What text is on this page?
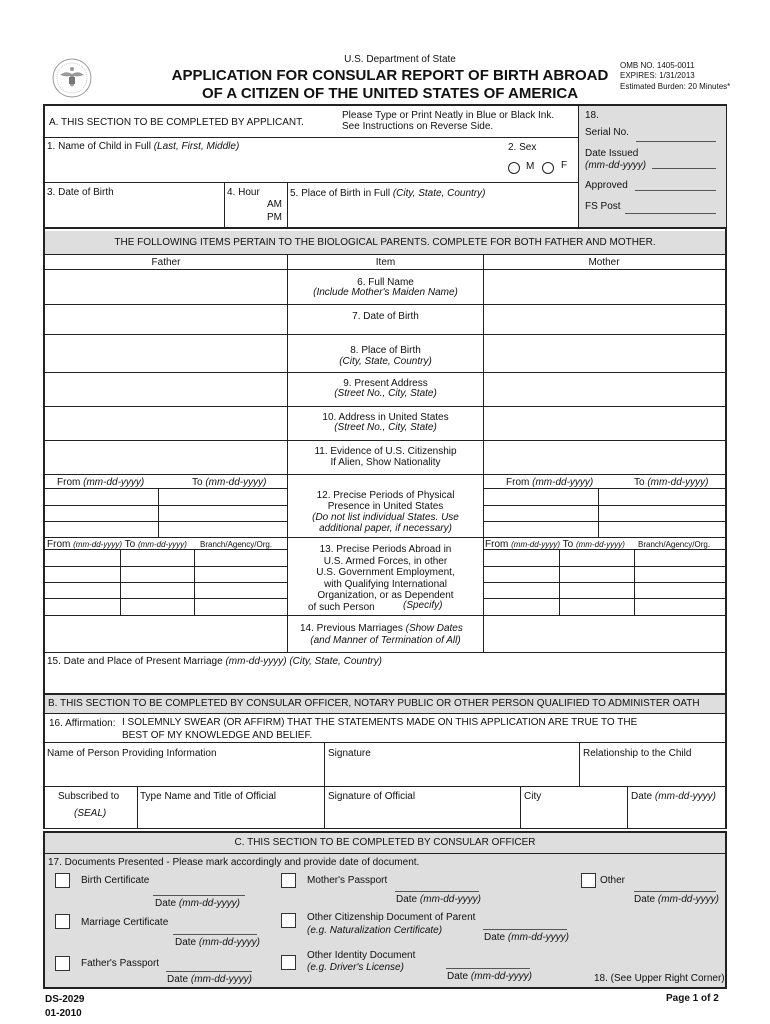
U.S. Department of State
APPLICATION FOR CONSULAR REPORT OF BIRTH ABROAD
OF A CITIZEN OF THE UNITED STATES OF AMERICA
OMB NO. 1405-0011
EXPIRES: 1/31/2013
Estimated Burden: 20 Minutes*
A. THIS SECTION TO BE COMPLETED BY APPLICANT.
Please Type or Print Neatly in Blue or Black Ink.
See Instructions on Reverse Side.
1. Name of Child in Full (Last, First, Middle)	2. Sex
M	F
3. Date of Birth	4. Hour
AM
PM
5. Place of Birth in Full (City, State, Country)
18.
Serial No.
Date Issued
(mm-dd-yyyy)
Approved
FS Post
THE FOLLOWING ITEMS PERTAIN TO THE BIOLOGICAL PARENTS. COMPLETE FOR BOTH FATHER AND MOTHER.
Father	Item	Mother
6. Full Name
(Include Mother's Maiden Name)
7. Date of Birth
8. Place of Birth
(City, State, Country)
9. Present Address
(Street No., City, State)
10. Address in United States
(Street No., City, State)
11. Evidence of U.S. Citizenship
If Alien, Show Nationality
From (mm-dd-yyyy)	To (mm-dd-yyyy)	From (mm-dd-yyyy)	To (mm-dd-yyyy)
12. Precise Periods of Physical
Presence in United States
(Do not list individual States. Use
additional paper, if necessary)
From (mm-dd-yyyy) To (mm-dd-yyyy) Branch/Agency/Org.	From (mm-dd-yyyy) To (mm-dd-yyyy) Branch/Agency/Org.
13. Precise Periods Abroad in
U.S. Armed Forces, in other
U.S. Government Employment,
with Qualifying International
Organization, or as Dependent
of such Person	(Specify)
14. Previous Marriages (Show Dates
(and Manner of Termination of All)
15. Date and Place of Present Marriage (mm-dd-yyyy) (City, State, Country)
B. THIS SECTION TO BE COMPLETED BY CONSULAR OFFICER, NOTARY PUBLIC OR OTHER PERSON QUALIFIED TO ADMINISTER OATH
16. Affirmation: I SOLEMNLY SWEAR (OR AFFIRM) THAT THE STATEMENTS MADE ON THIS APPLICATION ARE TRUE TO THE
BEST OF MY KNOWLEDGE AND BELIEF.
Name of Person Providing Information	Signature	Relationship to the Child
Subscribed to
(SEAL)
Type Name and Title of Official	Signature of Official	City	Date (mm-dd-yyyy)
C. THIS SECTION TO BE COMPLETED BY CONSULAR OFFICER
17. Documents Presented - Please mark accordingly and provide date of document.
Birth Certificate
Date (mm-dd-yyyy)
Mother's Passport
Date (mm-dd-yyyy)
Other
Date (mm-dd-yyyy)
Marriage Certificate
Date (mm-dd-yyyy)
Other Citizenship Document of Parent
(e.g. Naturalization Certificate)
Date (mm-dd-yyyy)
Father's Passport
Date (mm-dd-yyyy)
Other Identity Document
(e.g. Driver's License)
Date (mm-dd-yyyy)	18. (See Upper Right Corner)
DS-2029
01-2010
Page 1 of 2
